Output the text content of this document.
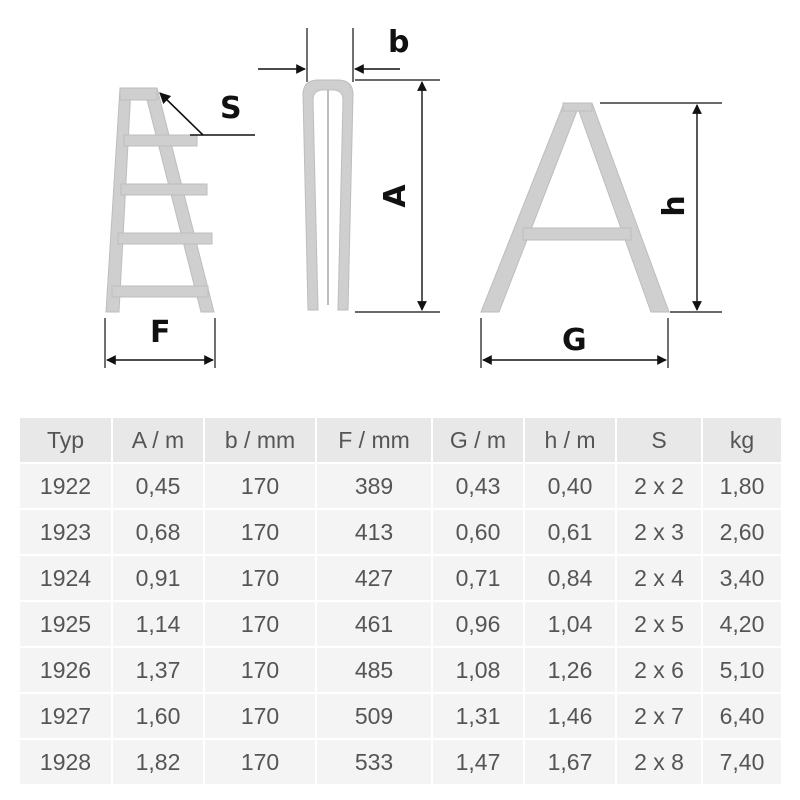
S
F
b
A	h
G
Typ	A / m	b / mm	F / mm	G / m	h / m	S	kg
1922	0,45	170	389	0,43	0,40	2 x 2	1,80
1923	0,68	170	413	0,60	0,61	2 x 3	2,60
1924	0,91	170	427	0,71	0,84	2 x 4	3,40
1925	1,14	170	461	0,96	1,04	2 x 5	4,20
1926	1,37	170	485	1,08	1,26	2 x 6	5,10
1927	1,60	170	509	1,31	1,46	2 x 7	6,40
1928	1,82	170	533	1,47	1,67	2 x 8	7,40
